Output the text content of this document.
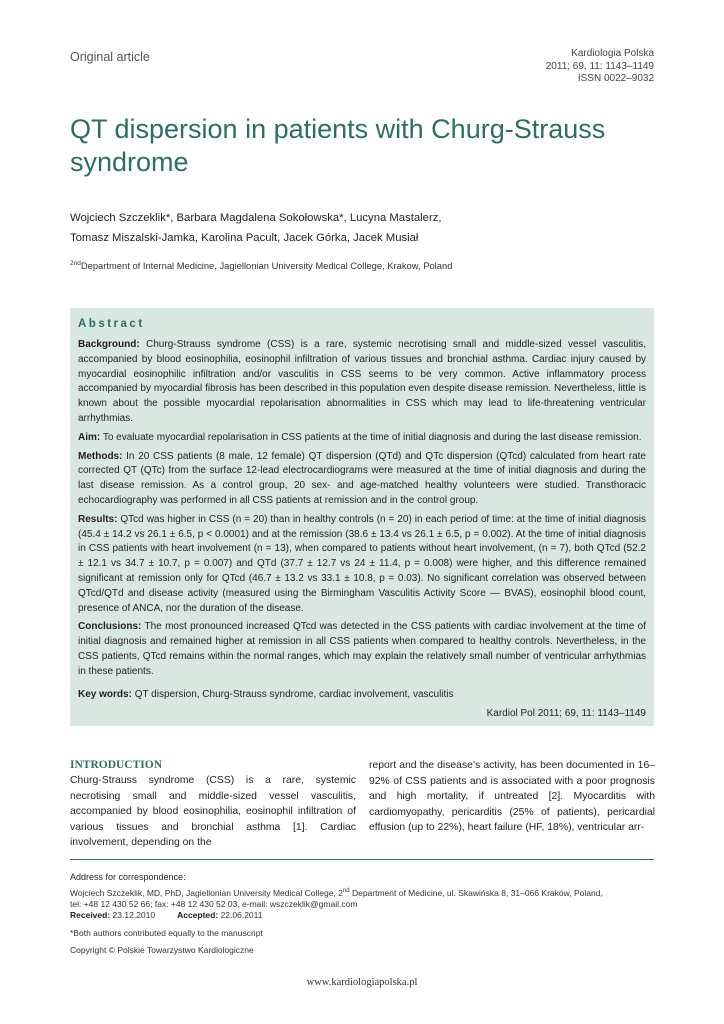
Original article	Kardiologia Polska
2011; 69, 11: 1143–1149
ISSN 0022–9032
QT dispersion in patients with Churg-Strauss syndrome
Wojciech Szczeklik*, Barbara Magdalena Sokołowska*, Lucyna Mastalerz,
Tomasz Miszalski-Jamka, Karolina Pacult, Jacek Górka, Jacek Musiał
$^{2nd}$Department of Internal Medicine, Jagiellonian University Medical College, Krakow, Poland
Abstract

Background: Churg-Strauss syndrome (CSS) is a rare, systemic necrotising small and middle-sized vessel vasculitis, accompanied by blood eosinophilia, eosinophil infiltration of various tissues and bronchial asthma. Cardiac injury caused by myocardial eosinophilic infiltration and/or vasculitis in CSS seems to be very common. Active inflammatory process accompanied by myocardial fibrosis has been described in this population even despite disease remission. Nevertheless, little is known about the possible myocardial repolarisation abnormalities in CSS which may lead to life-threatening ventricular arrhythmias.

Aim: To evaluate myocardial repolarisation in CSS patients at the time of initial diagnosis and during the last disease remission.

Methods: In 20 CSS patients (8 male, 12 female) QT dispersion (QTd) and QTc dispersion (QTcd) calculated from heart rate corrected QT (QTc) from the surface 12-lead electrocardiograms were measured at the time of initial diagnosis and during the last disease remission. As a control group, 20 sex- and age-matched healthy volunteers were studied. Transthoracic echocardiography was performed in all CSS patients at remission and in the control group.

Results: QTcd was higher in CSS (n = 20) than in healthy controls (n = 20) in each period of time: at the time of initial diagnosis (45.4 ± 14.2 vs 26.1 ± 6.5, p < 0.0001) and at the remission (38.6 ± 13.4 vs 26.1 ± 6.5, p = 0.002). At the time of initial diagnosis in CSS patients with heart involvement (n = 13), when compared to patients without heart involvement, (n = 7), both QTcd (52.2 ± 12.1 vs 34.7 ± 10.7, p = 0.007) and QTd (37.7 ± 12.7 vs 24 ± 11.4, p = 0.008) were higher, and this difference remained significant at remission only for QTcd (46.7 ± 13.2 vs 33.1 ± 10.8, p = 0.03). No significant correlation was observed between QTcd/QTd and disease activity (measured using the Birmingham Vasculitis Activity Score — BVAS), eosinophil blood count, presence of ANCA, nor the duration of the disease.

Conclusions: The most pronounced increased QTcd was detected in the CSS patients with cardiac involvement at the time of initial diagnosis and remained higher at remission in all CSS patients when compared to healthy controls. Nevertheless, in the CSS patients, QTcd remains within the normal ranges, which may explain the relatively small number of ventricular arrhythmias in these patients.

Key words: QT dispersion, Churg-Strauss syndrome, cardiac involvement, vasculitis

Kardiol Pol 2011; 69, 11: 1143–1149
INTRODUCTION

Churg-Strauss syndrome (CSS) is a rare, systemic necrotising small and middle-sized vessel vasculitis, accompanied by blood eosinophilia, eosinophil infiltration of various tissues and bronchial asthma [1]. Cardiac involvement, depending on the

report and the disease’s activity, has been documented in 16–92% of CSS patients and is associated with a poor prognosis and high mortality, if untreated [2]. Myocarditis with cardiomyopathy, pericarditis (25% of patients), pericardial effusion (up to 22%), heart failure (HF, 18%), ventricular arr-

Address for correspondence:
Wojciech Szczeklik, MD, PhD, Jagiellonian University Medical College, 2nd Department of Medicine, ul. Skawińska 8, 31–066 Kraków, Poland,
tel: +48 12 430 52 66; fax: +48 12 430 52 03, e-mail: wszczeklik@gmail.com
Received: 23.12.2010	Accepted: 22.06.2011
*Both authors contributed equally to the manuscript
Copyright © Polskie Towarzystwo Kardiologiczne
www.kardiologiapolska.pl
